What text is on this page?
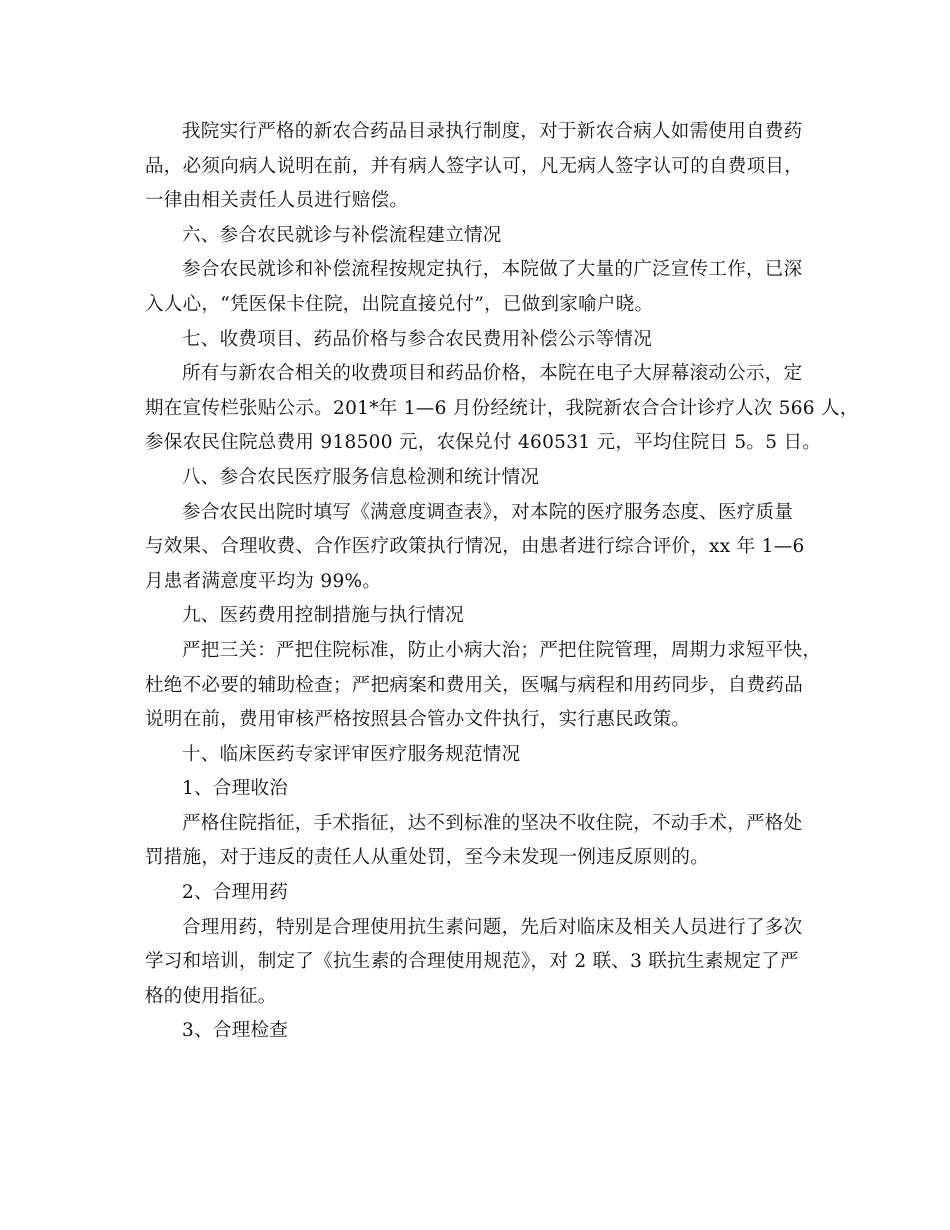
我院实行严格的新农合药品目录执行制度，对于新农合病人如需使用自费药
品，必须向病人说明在前，并有病人签字认可，凡无病人签字认可的自费项目，
一律由相关责任人员进行赔偿。
六、参合农民就诊与补偿流程建立情况
参合农民就诊和补偿流程按规定执行，本院做了大量的广泛宣传工作，已深
入人心，“凭医保卡住院，出院直接兑付”，已做到家喻户晓。
七、收费项目、药品价格与参合农民费用补偿公示等情况
所有与新农合相关的收费项目和药品价格，本院在电子大屏幕滚动公示，定
期在宣传栏张贴公示。201*年 1—6 月份经统计，我院新农合合计诊疗人次 566 人，
参保农民住院总费用 918500 元，农保兑付 460531 元，平均住院日 5。5 日。
八、参合农民医疗服务信息检测和统计情况
参合农民出院时填写《满意度调查表》，对本院的医疗服务态度、医疗质量
与效果、合理收费、合作医疗政策执行情况，由患者进行综合评价，xx 年 1—6
月患者满意度平均为 99%。
九、医药费用控制措施与执行情况
严把三关：严把住院标准，防止小病大治；严把住院管理，周期力求短平快，
杜绝不必要的辅助检查；严把病案和费用关，医嘱与病程和用药同步，自费药品
说明在前，费用审核严格按照县合管办文件执行，实行惠民政策。
十、临床医药专家评审医疗服务规范情况
1、合理收治
严格住院指征，手术指征，达不到标准的坚决不收住院，不动手术，严格处
罚措施，对于违反的责任人从重处罚，至今未发现一例违反原则的。
2、合理用药
合理用药，特别是合理使用抗生素问题，先后对临床及相关人员进行了多次
学习和培训，制定了《抗生素的合理使用规范》，对 2 联、3 联抗生素规定了严
格的使用指征。
3、合理检查
